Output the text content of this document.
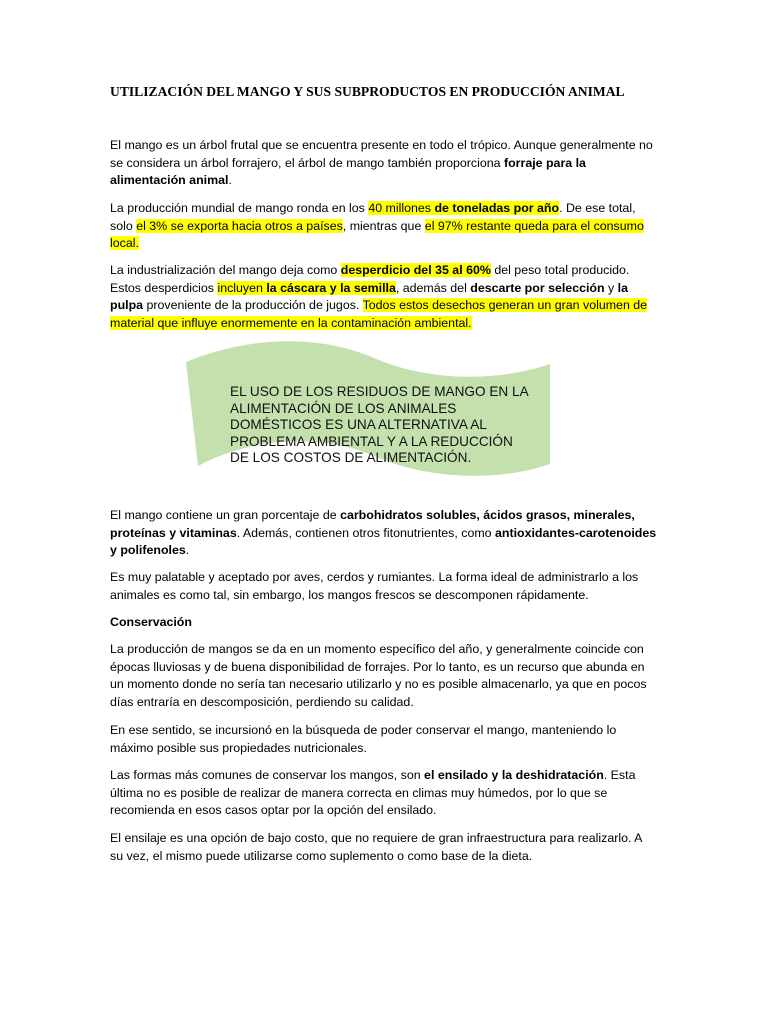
UTILIZACIÓN DEL MANGO Y SUS SUBPRODUCTOS EN PRODUCCIÓN ANIMAL

El mango es un árbol frutal que se encuentra presente en todo el trópico. Aunque generalmente no se considera un árbol forrajero, el árbol de mango también proporciona forraje para la alimentación animal.

La producción mundial de mango ronda en los 40 millones de toneladas por año. De ese total, solo el 3% se exporta hacia otros a países, mientras que el 97% restante queda para el consumo local.

La industrialización del mango deja como desperdicio del 35 al 60% del peso total producido. Estos desperdicios incluyen la cáscara y la semilla, además del descarte por selección y la pulpa proveniente de la producción de jugos. Todos estos desechos generan un gran volumen de material que influye enormemente en la contaminación ambiental.

EL USO DE LOS RESIDUOS DE MANGO EN LA ALIMENTACIÓN DE LOS ANIMALES DOMÉSTICOS ES UNA ALTERNATIVA AL PROBLEMA AMBIENTAL Y A LA REDUCCIÓN DE LOS COSTOS DE ALIMENTACIÓN.

El mango contiene un gran porcentaje de carbohidratos solubles, ácidos grasos, minerales, proteínas y vitaminas. Además, contienen otros fitonutrientes, como antioxidantes-carotenoides y polifenoles.

Es muy palatable y aceptado por aves, cerdos y rumiantes. La forma ideal de administrarlo a los animales es como tal, sin embargo, los mangos frescos se descomponen rápidamente.

Conservación

La producción de mangos se da en un momento específico del año, y generalmente coincide con épocas lluviosas y de buena disponibilidad de forrajes. Por lo tanto, es un recurso que abunda en un momento donde no sería tan necesario utilizarlo y no es posible almacenarlo, ya que en pocos días entraría en descomposición, perdiendo su calidad.

En ese sentido, se incursionó en la búsqueda de poder conservar el mango, manteniendo lo máximo posible sus propiedades nutricionales.

Las formas más comunes de conservar los mangos, son el ensilado y la deshidratación. Esta última no es posible de realizar de manera correcta en climas muy húmedos, por lo que se recomienda en esos casos optar por la opción del ensilado.

El ensilaje es una opción de bajo costo, que no requiere de gran infraestructura para realizarlo. A su vez, el mismo puede utilizarse como suplemento o como base de la dieta.
